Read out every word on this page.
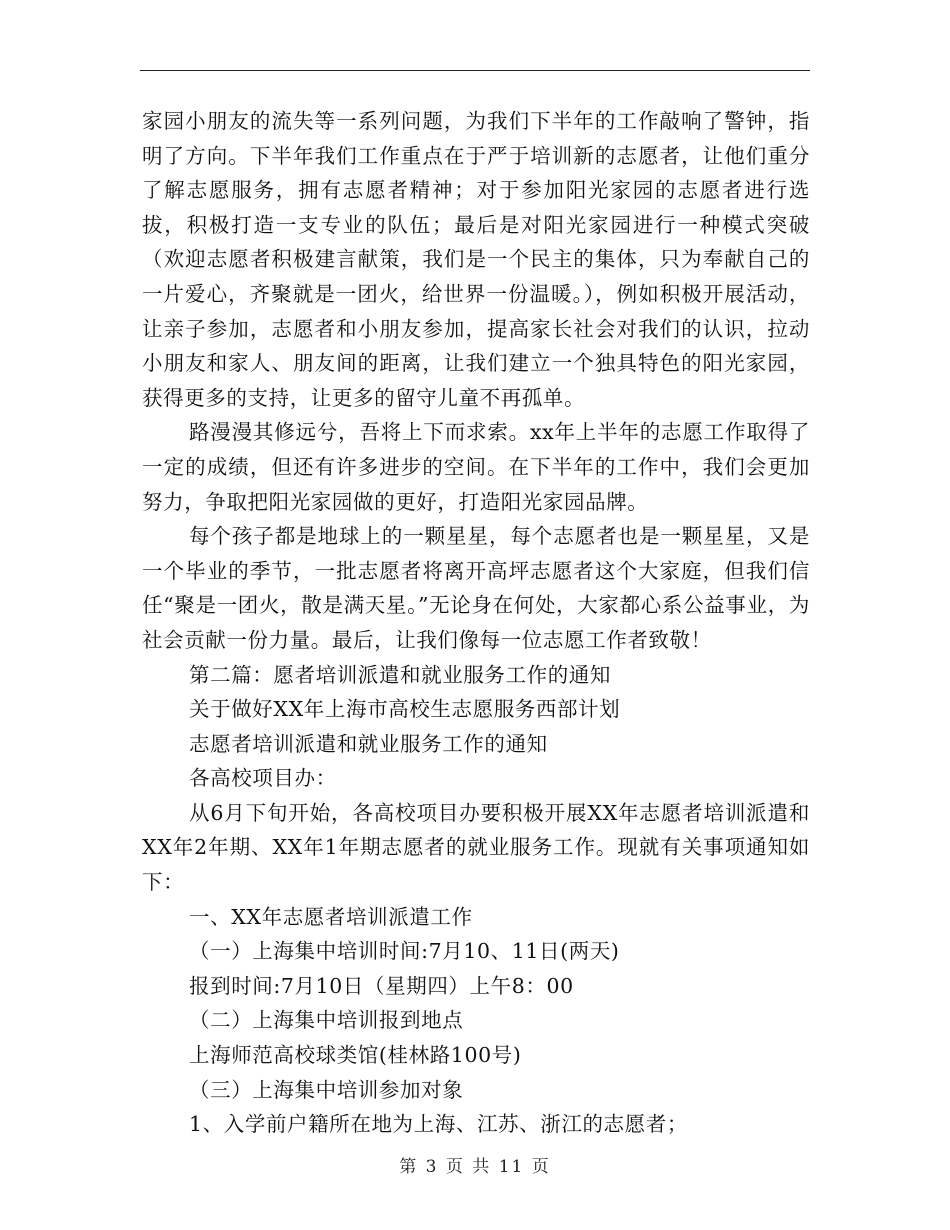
家园小朋友的流失等一系列问题，为我们下半年的工作敲响了警钟，指明了方向。下半年我们工作重点在于严于培训新的志愿者，让他们重分了解志愿服务，拥有志愿者精神；对于参加阳光家园的志愿者进行选拔，积极打造一支专业的队伍；最后是对阳光家园进行一种模式突破（欢迎志愿者积极建言献策，我们是一个民主的集体，只为奉献自己的一片爱心，齐聚就是一团火，给世界一份温暖。），例如积极开展活动，让亲子参加，志愿者和小朋友参加，提高家长社会对我们的认识，拉动小朋友和家人、朋友间的距离，让我们建立一个独具特色的阳光家园，获得更多的支持，让更多的留守儿童不再孤单。

路漫漫其修远兮，吾将上下而求索。xx年上半年的志愿工作取得了一定的成绩，但还有许多进步的空间。在下半年的工作中，我们会更加努力，争取把阳光家园做的更好，打造阳光家园品牌。

每个孩子都是地球上的一颗星星，每个志愿者也是一颗星星，又是一个毕业的季节，一批志愿者将离开高坪志愿者这个大家庭，但我们信任“聚是一团火，散是满天星。”无论身在何处，大家都心系公益事业，为社会贡献一份力量。最后，让我们像每一位志愿工作者致敬！

第二篇：愿者培训派遣和就业服务工作的通知

关于做好XX年上海市高校生志愿服务西部计划

志愿者培训派遣和就业服务工作的通知

各高校项目办：

从6月下旬开始，各高校项目办要积极开展XX年志愿者培训派遣和XX年2年期、XX年1年期志愿者的就业服务工作。现就有关事项通知如下：

一、XX年志愿者培训派遣工作

（一）上海集中培训时间:7月10、11日(两天)

报到时间:7月10日（星期四）上午8：00

（二）上海集中培训报到地点

上海师范高校球类馆(桂林路100号)

（三）上海集中培训参加对象

1、入学前户籍所在地为上海、江苏、浙江的志愿者；

第 3 页 共 11 页
